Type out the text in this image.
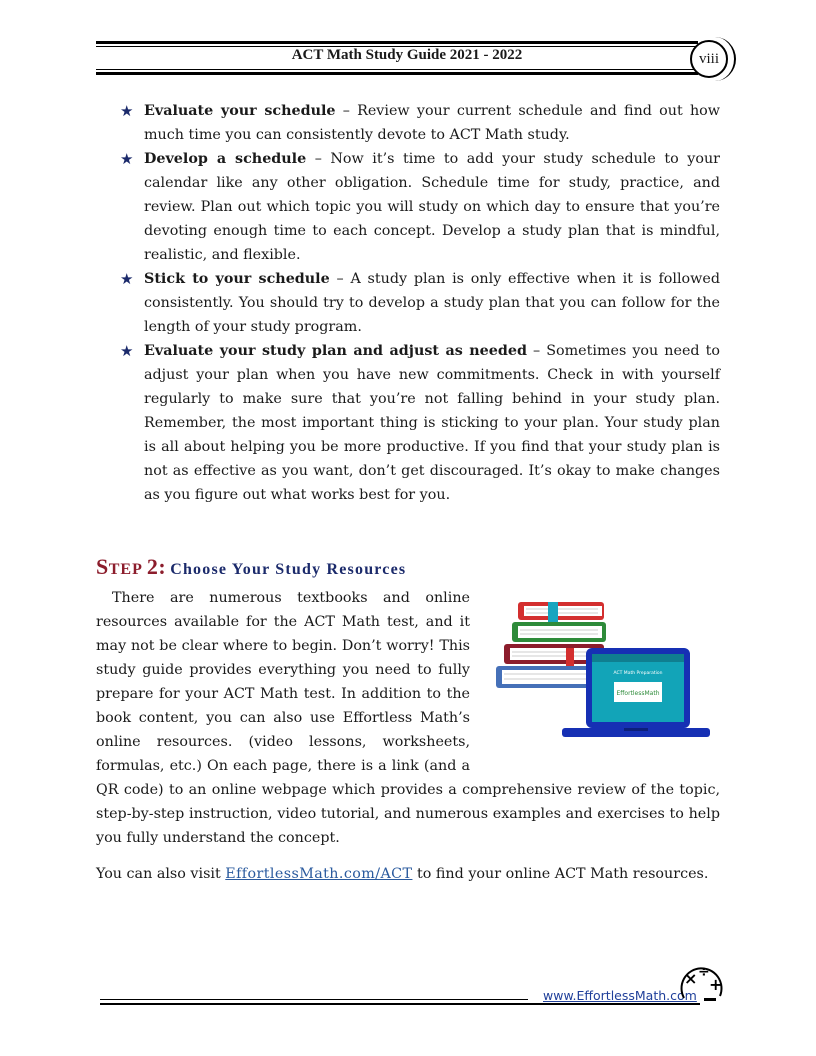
ACT Math Study Guide 2021 - 2022	viii
★ Evaluate your schedule – Review your current schedule and find out how much time you can consistently devote to ACT Math study.
★ Develop a schedule – Now it’s time to add your study schedule to your calendar like any other obligation. Schedule time for study, practice, and review. Plan out which topic you will study on which day to ensure that you’re devoting enough time to each concept. Develop a study plan that is mindful, realistic, and flexible.
★ Stick to your schedule – A study plan is only effective when it is followed consistently. You should try to develop a study plan that you can follow for the length of your study program.
★ Evaluate your study plan and adjust as needed – Sometimes you need to adjust your plan when you have new commitments. Check in with yourself regularly to make sure that you’re not falling behind in your study plan. Remember, the most important thing is sticking to your plan. Your study plan is all about helping you be more productive. If you find that your study plan is not as effective as you want, don’t get discouraged. It’s okay to make changes as you figure out what works best for you.
STEP 2: Choose Your Study Resources
There are numerous textbooks and online
resources available for the ACT Math test, and it
may not be clear where to begin. Don’t worry! This
study guide provides everything you need to fully
prepare for your ACT Math test. In addition to the
book content, you can also use Effortless Math’s
online resources. (video lessons, worksheets,
formulas, etc.) On each page, there is a link (and a
QR code) to an online webpage which provides a comprehensive review of the topic, step-by-step instruction, video tutorial, and numerous examples and exercises to help you fully understand the concept.
You can also visit EffortlessMath.com/ACT to find your online ACT Math resources.
ACT Math Preparation
EffortlessMath
www.EffortlessMath.com
× ÷
+
